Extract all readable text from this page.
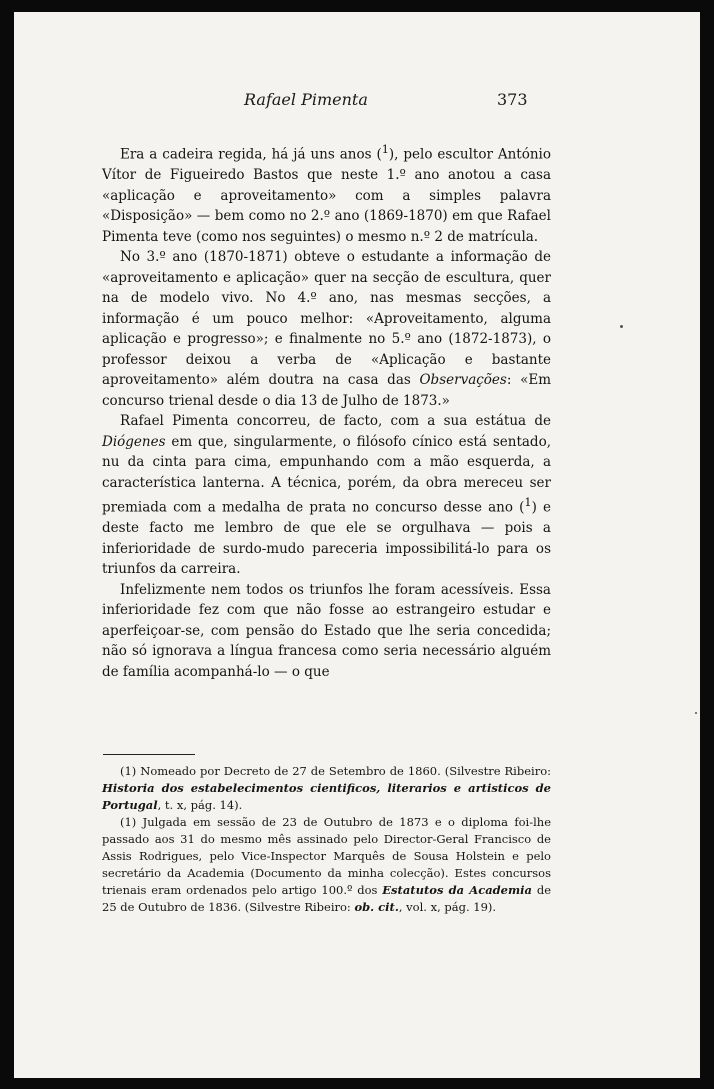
Rafael Pimenta	373

Era a cadeira regida, há já uns anos ($^1$), pelo escultor António Vítor de Figueiredo Bastos que neste 1.º ano anotou a casa «aplicação e aproveitamento» com a simples palavra «Disposição» — bem como no 2.º ano (1869-1870) em que Rafael Pimenta teve (como nos seguintes) o mesmo n.º 2 de matrícula.

No 3.º ano (1870-1871) obteve o estudante a informação de «aproveitamento e aplicação» quer na secção de escultura, quer na de modelo vivo. No 4.º ano, nas mesmas secções, a informação é um pouco melhor: «Aproveitamento, alguma aplicação e progresso»; e finalmente no 5.º ano (1872-1873), o professor deixou a verba de «Aplicação e bastante aproveitamento» além doutra na casa das Observações: «Em concurso trienal desde o dia 13 de Julho de 1873.»

Rafael Pimenta concorreu, de facto, com a sua estátua de Diógenes em que, singularmente, o filósofo cínico está sentado, nu da cinta para cima, empunhando com a mão esquerda, a característica lanterna. A técnica, porém, da obra mereceu ser premiada com a medalha de prata no concurso desse ano ($^1$) e deste facto me lembro de que ele se orgulhava — pois a inferioridade de surdo-mudo pareceria impossibilitá-lo para os triunfos da carreira.

Infelizmente nem todos os triunfos lhe foram acessíveis. Essa inferioridade fez com que não fosse ao estrangeiro estudar e aperfeiçoar-se, com pensão do Estado que lhe seria concedida; não só ignorava a língua francesa como seria necessário alguém de família acompanhá-lo — o que

(1) Nomeado por Decreto de 27 de Setembro de 1860. (Silvestre Ribeiro: Historia dos estabelecimentos cientificos, literarios e artisticos de Portugal, t. x, pág. 14).

(1) Julgada em sessão de 23 de Outubro de 1873 e o diploma foi-lhe passado aos 31 do mesmo mês assinado pelo Director-Geral Francisco de Assis Rodrigues, pelo Vice-Inspector Marquês de Sousa Holstein e pelo secretário da Academia (Documento da minha colecção). Estes concursos trienais eram ordenados pelo artigo 100.º dos Estatutos da Academia de 25 de Outubro de 1836. (Silvestre Ribeiro: ob. cit., vol. x, pág. 19).
